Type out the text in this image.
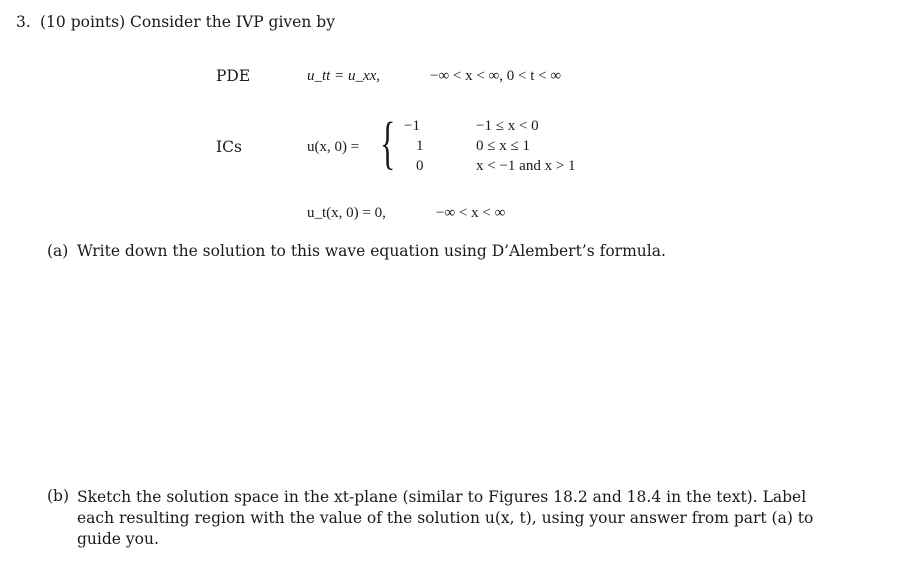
3. (10 points) Consider the IVP given by
PDE	u_tt = u_xx,	−∞ < x < ∞, 0 < t < ∞
ICs	u(x, 0) = { −1	−1 ≤ x < 0
1	0 ≤ x ≤ 1
0	x < −1 and x > 1
u_t(x, 0) = 0,	−∞ < x < ∞
(a) Write down the solution to this wave equation using D’Alembert’s formula.
(b) Sketch the solution space in the xt-plane (similar to Figures 18.2 and 18.4 in the text). Label each resulting region with the value of the solution u(x, t), using your answer from part (a) to guide you.
